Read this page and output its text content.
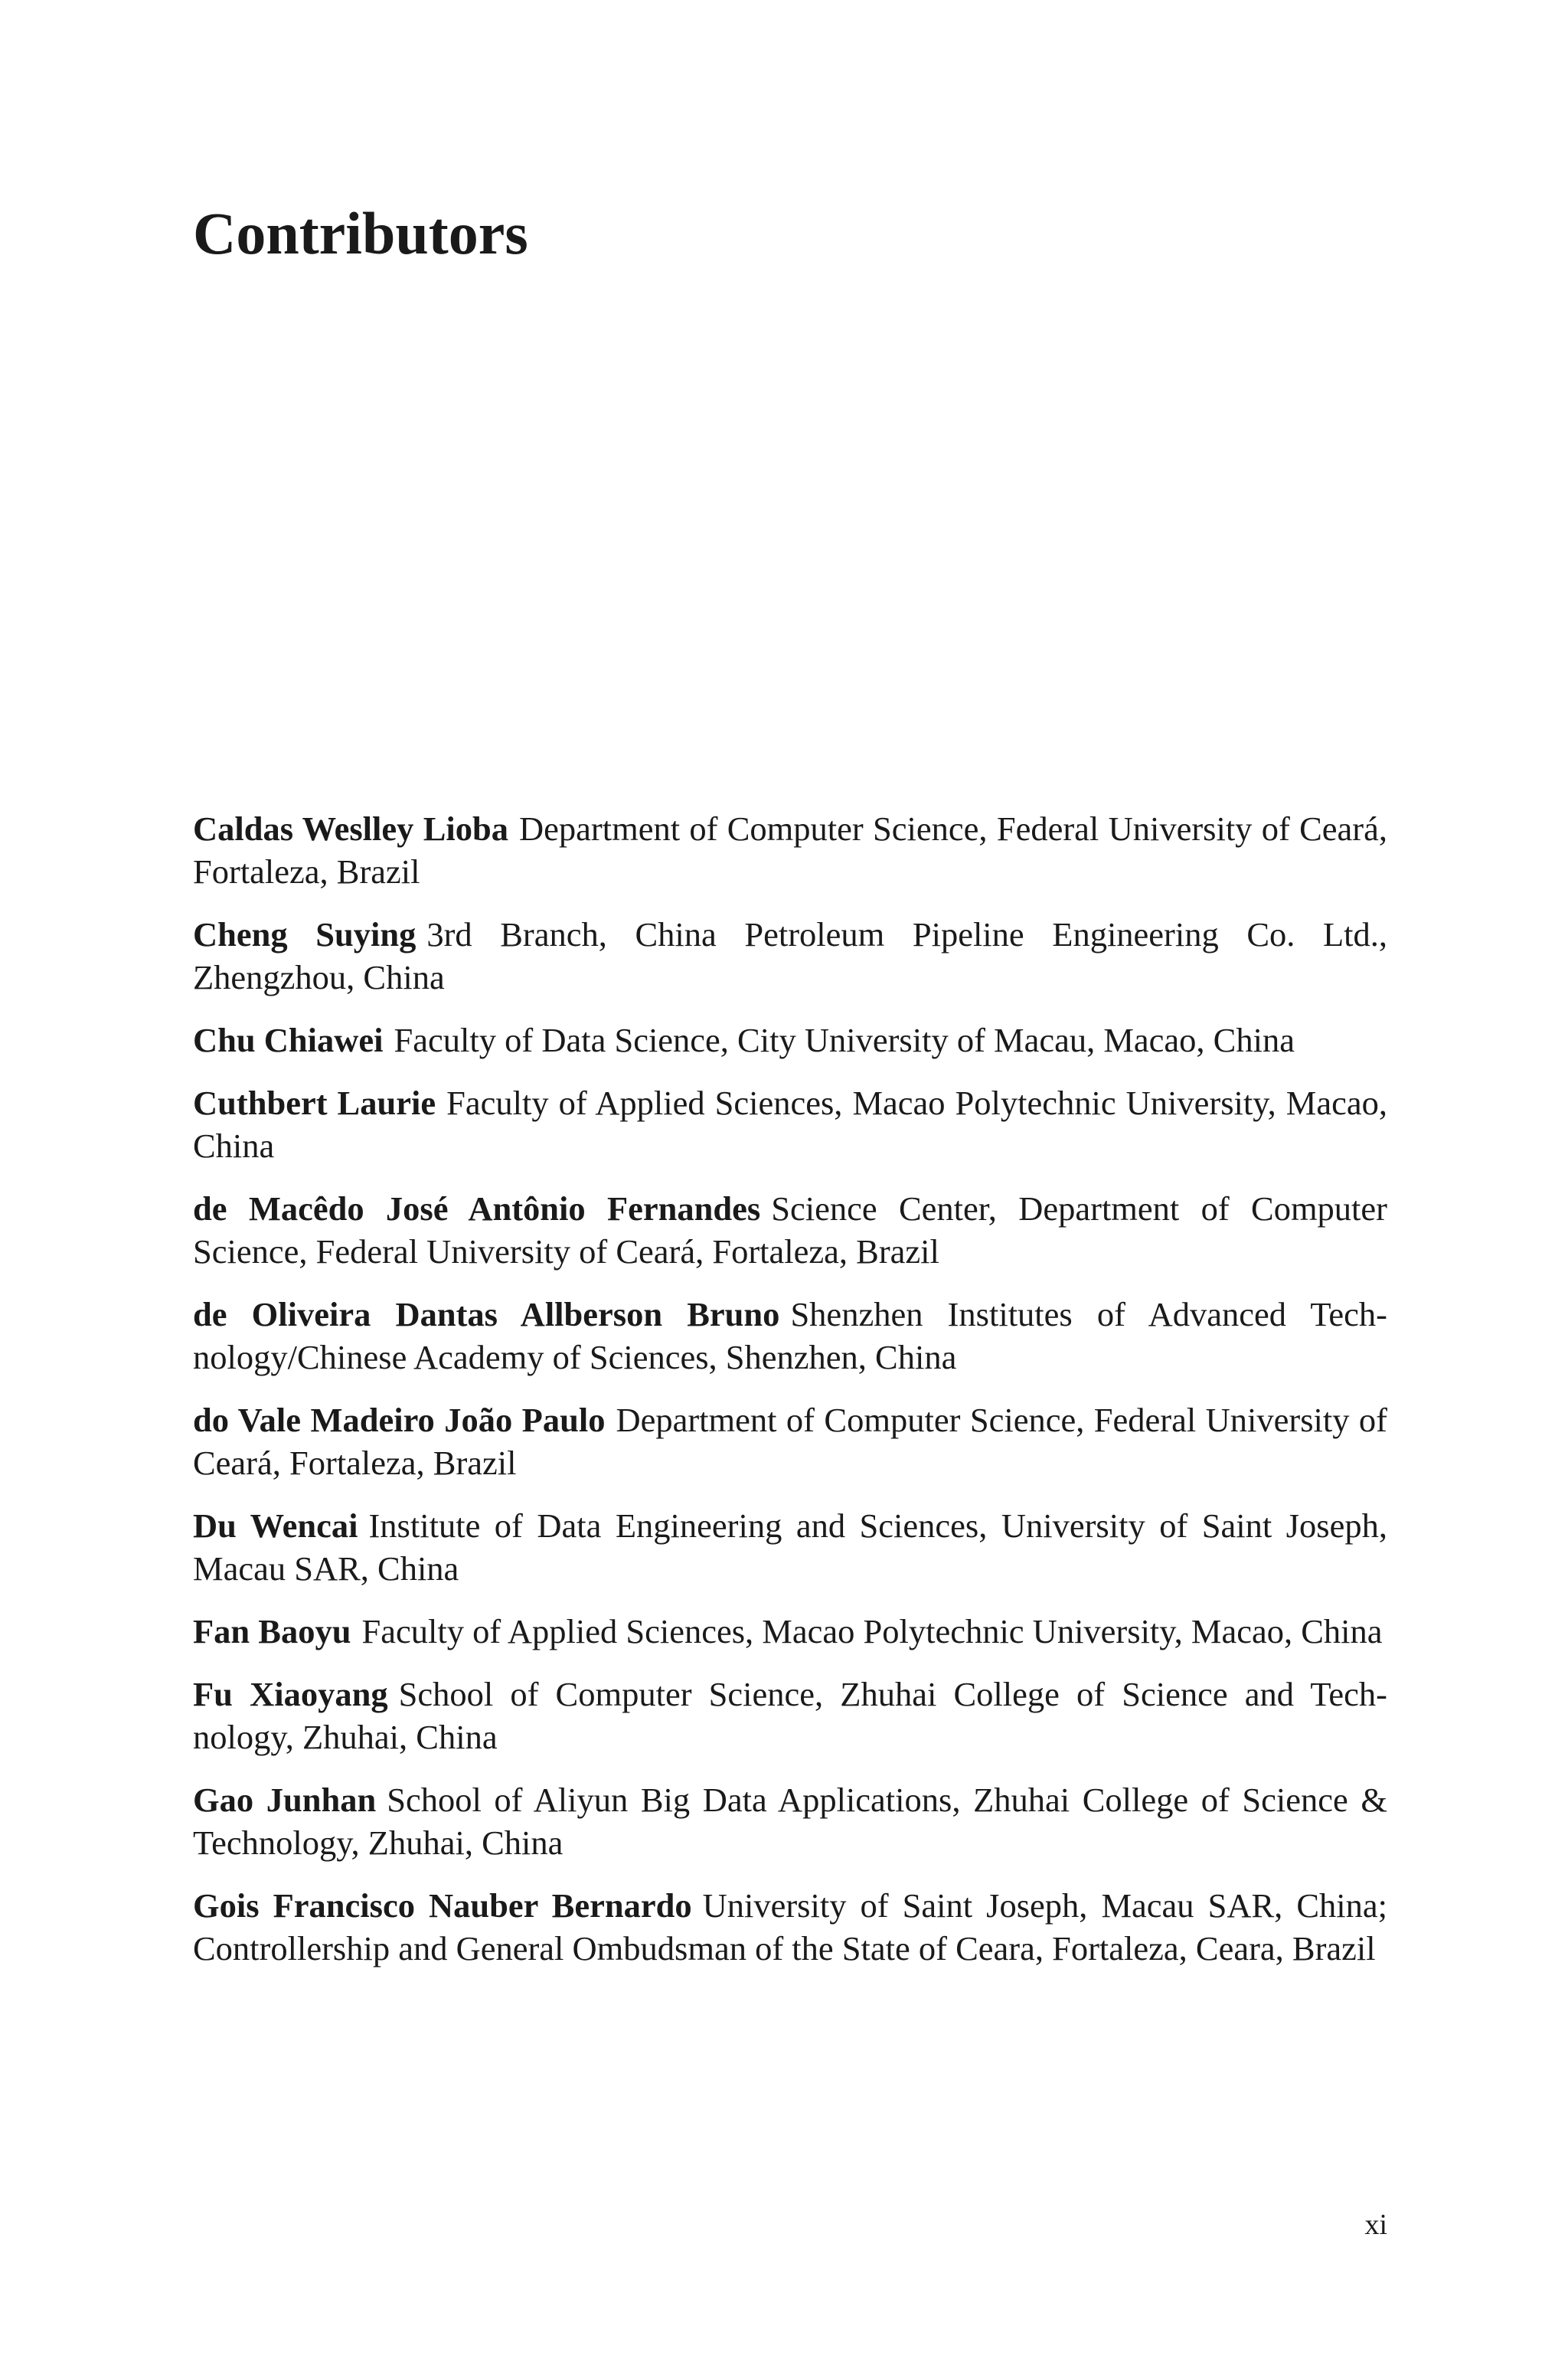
Contributors
Caldas Weslley Lioba Department of Computer Science, Federal University of Ceará, Fortaleza, Brazil
Cheng Suying 3rd Branch, China Petroleum Pipeline Engineering Co. Ltd., Zhengzhou, China
Chu Chiawei Faculty of Data Science, City University of Macau, Macao, China
Cuthbert Laurie Faculty of Applied Sciences, Macao Polytechnic University, Macao, China
de Macêdo José Antônio Fernandes Science Center, Department of Computer Science, Federal University of Ceará, Fortaleza, Brazil
de Oliveira Dantas Allberson Bruno Shenzhen Institutes of Advanced Technology/Chinese Academy of Sciences, Shenzhen, China
do Vale Madeiro João Paulo Department of Computer Science, Federal University of Ceará, Fortaleza, Brazil
Du Wencai Institute of Data Engineering and Sciences, University of Saint Joseph, Macau SAR, China
Fan Baoyu Faculty of Applied Sciences, Macao Polytechnic University, Macao, China
Fu Xiaoyang School of Computer Science, Zhuhai College of Science and Technology, Zhuhai, China
Gao Junhan School of Aliyun Big Data Applications, Zhuhai College of Science & Technology, Zhuhai, China
Gois Francisco Nauber Bernardo University of Saint Joseph, Macau SAR, China; Controllership and General Ombudsman of the State of Ceara, Fortaleza, Ceara, Brazil
xi
